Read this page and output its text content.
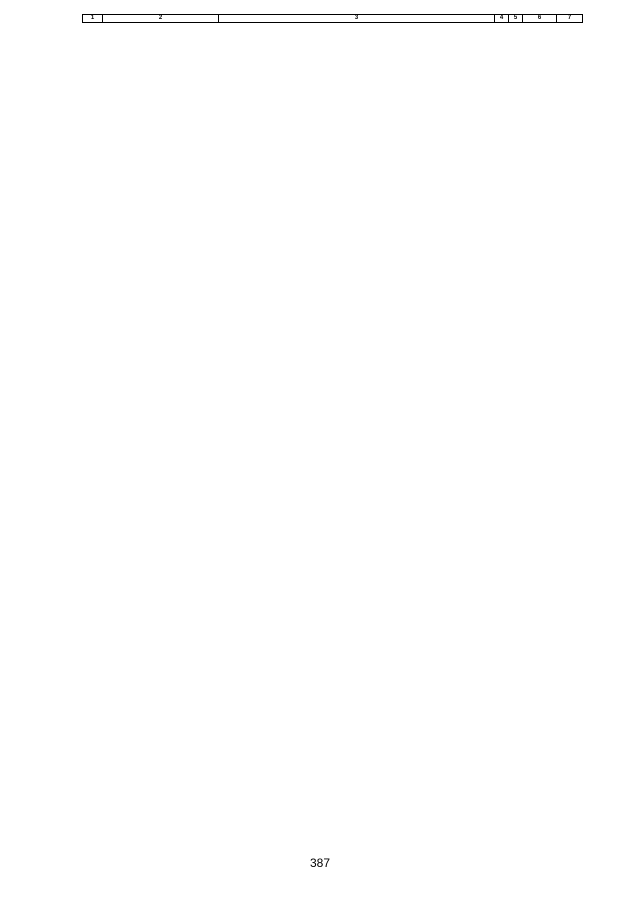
1	2	3	4	5	6	7
387
